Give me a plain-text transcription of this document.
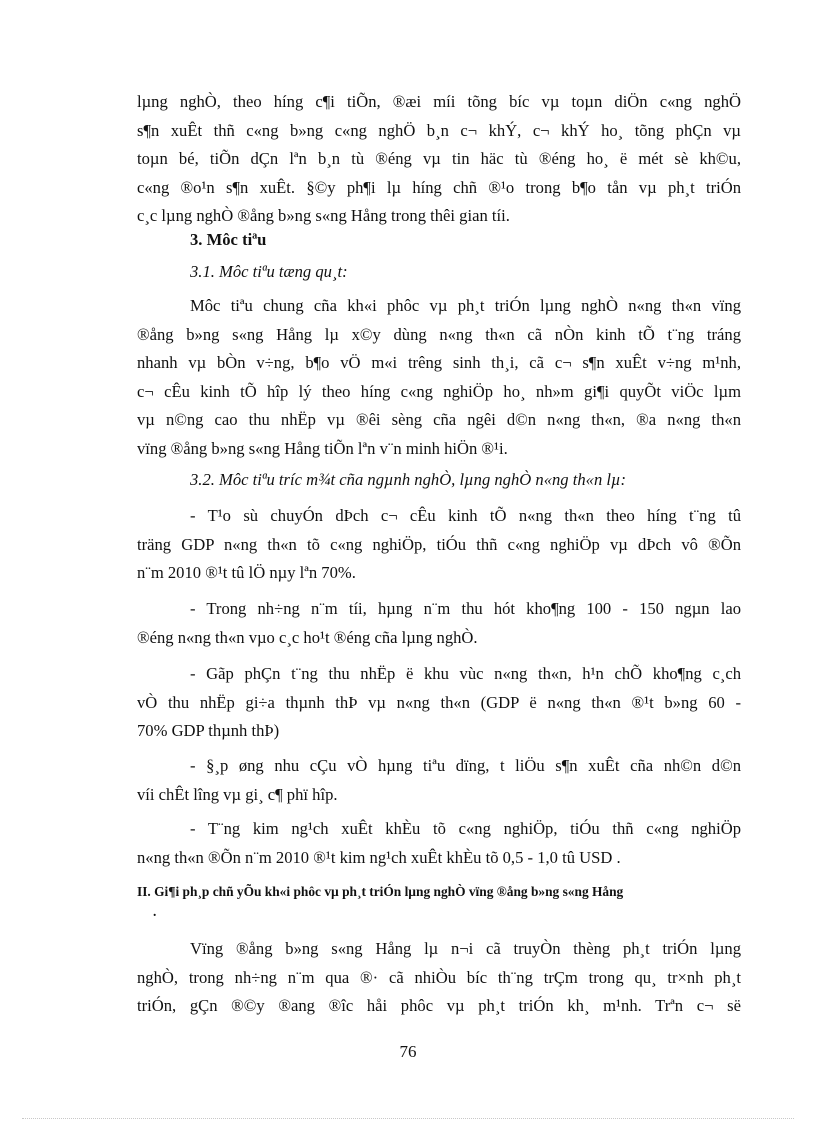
lµng nghÒ, theo híng c¶i tiÕn, ®æi míi tõng bíc vµ toµn diÖn c«ng nghÖ
s¶n xuÊt thñ c«ng b»ng c«ng nghÖ b¸n c¬ khÝ, c¬ khÝ ho¸ tõng phÇn vµ
toµn bé, tiÕn dÇn lªn b¸n tù ®éng vµ tin häc tù ®éng ho¸ ë mét sè kh©u,
c«ng ®o¹n s¶n xuÊt. §©y ph¶i lµ híng chñ ®¹o trong b¶o tån vµ ph¸t triÓn
c¸c lµng nghÒ ®ång b»ng s«ng Hång trong thêi gian tíi.
3. Môc tiªu
3.1. Môc tiªu tæng qu¸t:
Môc tiªu chung cña kh«i phôc vµ ph¸t triÓn lµng nghÒ n«ng th«n vïng
®ång b»ng s«ng Hång lµ x©y dùng n«ng th«n cã nÒn kinh tÕ t¨ng tráng
nhanh vµ bÒn v÷ng, b¶o vÖ m«i trêng sinh th¸i, cã c¬ s¶n xuÊt v÷ng m¹nh,
c¬ cÊu kinh tÕ hîp lý theo híng c«ng nghiÖp ho¸ nh»m gi¶i quyÕt viÖc lµm
vµ n©ng cao thu nhËp vµ ®êi sèng cña ngêi d©n n«ng th«n, ®a n«ng th«n
vïng ®ång b»ng s«ng Hång tiÕn lªn v¨n minh hiÖn ®¹i.
3.2. Môc tiªu tríc m¾t cña ngµnh nghÒ, lµng nghÒ n«ng th«n lµ:
- T¹o sù chuyÓn dÞch c¬ cÊu kinh tÕ n«ng th«n theo híng t¨ng tû
träng GDP n«ng th«n tõ c«ng nghiÖp, tiÓu thñ c«ng nghiÖp vµ dÞch vô ®Õn
n¨m 2010 ®¹t tû lÖ nµy lªn 70%.
- Trong nh÷ng n¨m tíi, hµng n¨m thu hót kho¶ng 100 - 150 ngµn lao
®éng n«ng th«n vµo c¸c ho¹t ®éng cña lµng nghÒ.
- Gãp phÇn t¨ng thu nhËp ë khu vùc n«ng th«n, h¹n chÕ kho¶ng c¸ch
vÒ thu nhËp gi÷a thµnh thÞ vµ n«ng th«n (GDP ë n«ng th«n ®¹t b»ng 60 -
70% GDP thµnh thÞ)
- §¸p øng nhu cÇu vÒ hµng tiªu dïng, t liÖu s¶n xuÊt cña nh©n d©n
víi chÊt lîng vµ gi¸ c¶ phï hîp.
- T¨ng kim ng¹ch xuÊt khÈu tõ c«ng nghiÖp, tiÓu thñ c«ng nghiÖp
n«ng th«n ®Õn n¨m 2010 ®¹t kim ng¹ch xuÊt khÈu tõ 0,5 - 1,0 tû USD .
II. Gi¶i ph¸p chñ yÕu kh«i phôc vµ ph¸t triÓn lµng nghÒ vïng ®ång b»ng s«ng Hång
.
Vïng ®ång b»ng s«ng Hång lµ n¬i cã truyÒn thèng ph¸t triÓn lµng
nghÒ, trong nh÷ng n¨m qua ®· cã nhiÒu bíc th¨ng trÇm trong qu¸ tr×nh ph¸t
triÓn, gÇn ®©y ®ang ®îc håi phôc vµ ph¸t triÓn kh¸ m¹nh. Trªn c¬ së
76
